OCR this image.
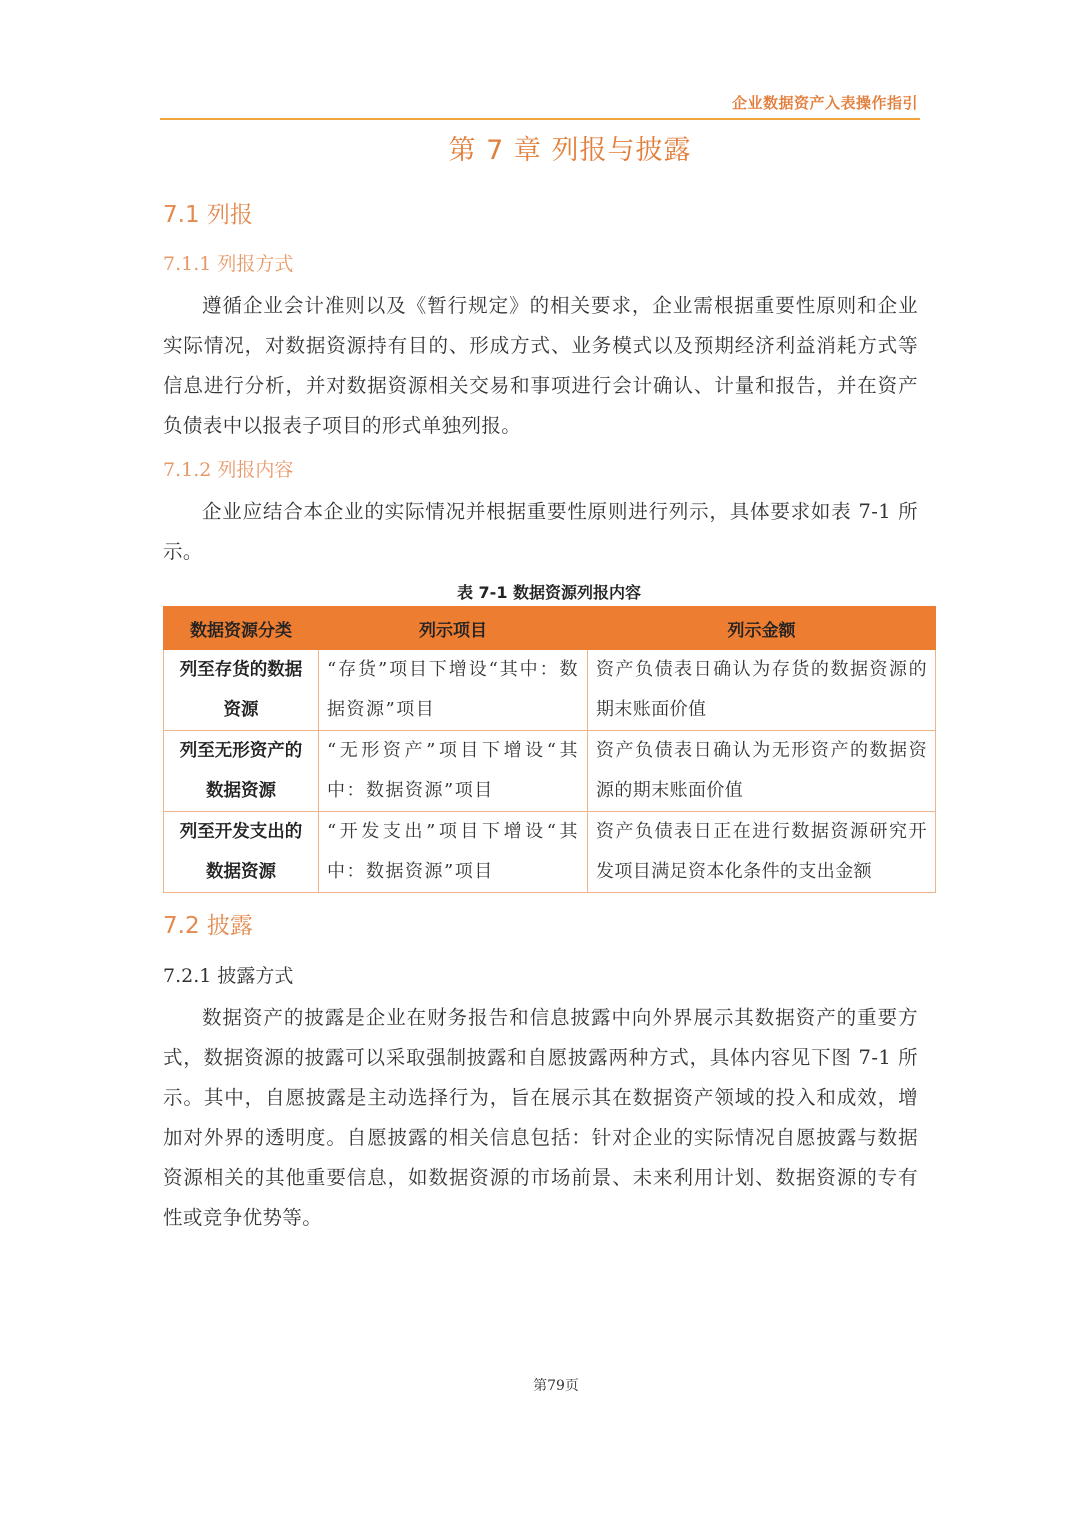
企业数据资产入表操作指引
第 7 章 列报与披露
7.1 列报
7.1.1 列报方式

遵循企业会计准则以及《暂行规定》的相关要求，企业需根据重要性原则和企业实际情况，对数据资源持有目的、形成方式、业务模式以及预期经济利益消耗方式等信息进行分析，并对数据资源相关交易和事项进行会计确认、计量和报告，并在资产负债表中以报表子项目的形式单独列报。

7.1.2 列报内容

企业应结合本企业的实际情况并根据重要性原则进行列示，具体要求如表 7-1 所示。

表 7-1 数据资源列报内容
数据资源分类	列示项目	列示金额
列至存货的数据资源	“存货”项目下增设“其中：数据资源”项目	资产负债表日确认为存货的数据资源的期末账面价值
列至无形资产的数据资源	“无形资产”项目下增设“其中：数据资源”项目	资产负债表日确认为无形资产的数据资源的期末账面价值
列至开发支出的数据资源	“开发支出”项目下增设“其中：数据资源”项目	资产负债表日正在进行数据资源研究开发项目满足资本化条件的支出金额
7.2 披露
7.2.1 披露方式

数据资产的披露是企业在财务报告和信息披露中向外界展示其数据资产的重要方式，数据资源的披露可以采取强制披露和自愿披露两种方式，具体内容见下图 7-1 所示。其中，自愿披露是主动选择行为，旨在展示其在数据资产领域的投入和成效，增加对外界的透明度。自愿披露的相关信息包括：针对企业的实际情况自愿披露与数据资源相关的其他重要信息，如数据资源的市场前景、未来利用计划、数据资源的专有性或竞争优势等。

第79页
